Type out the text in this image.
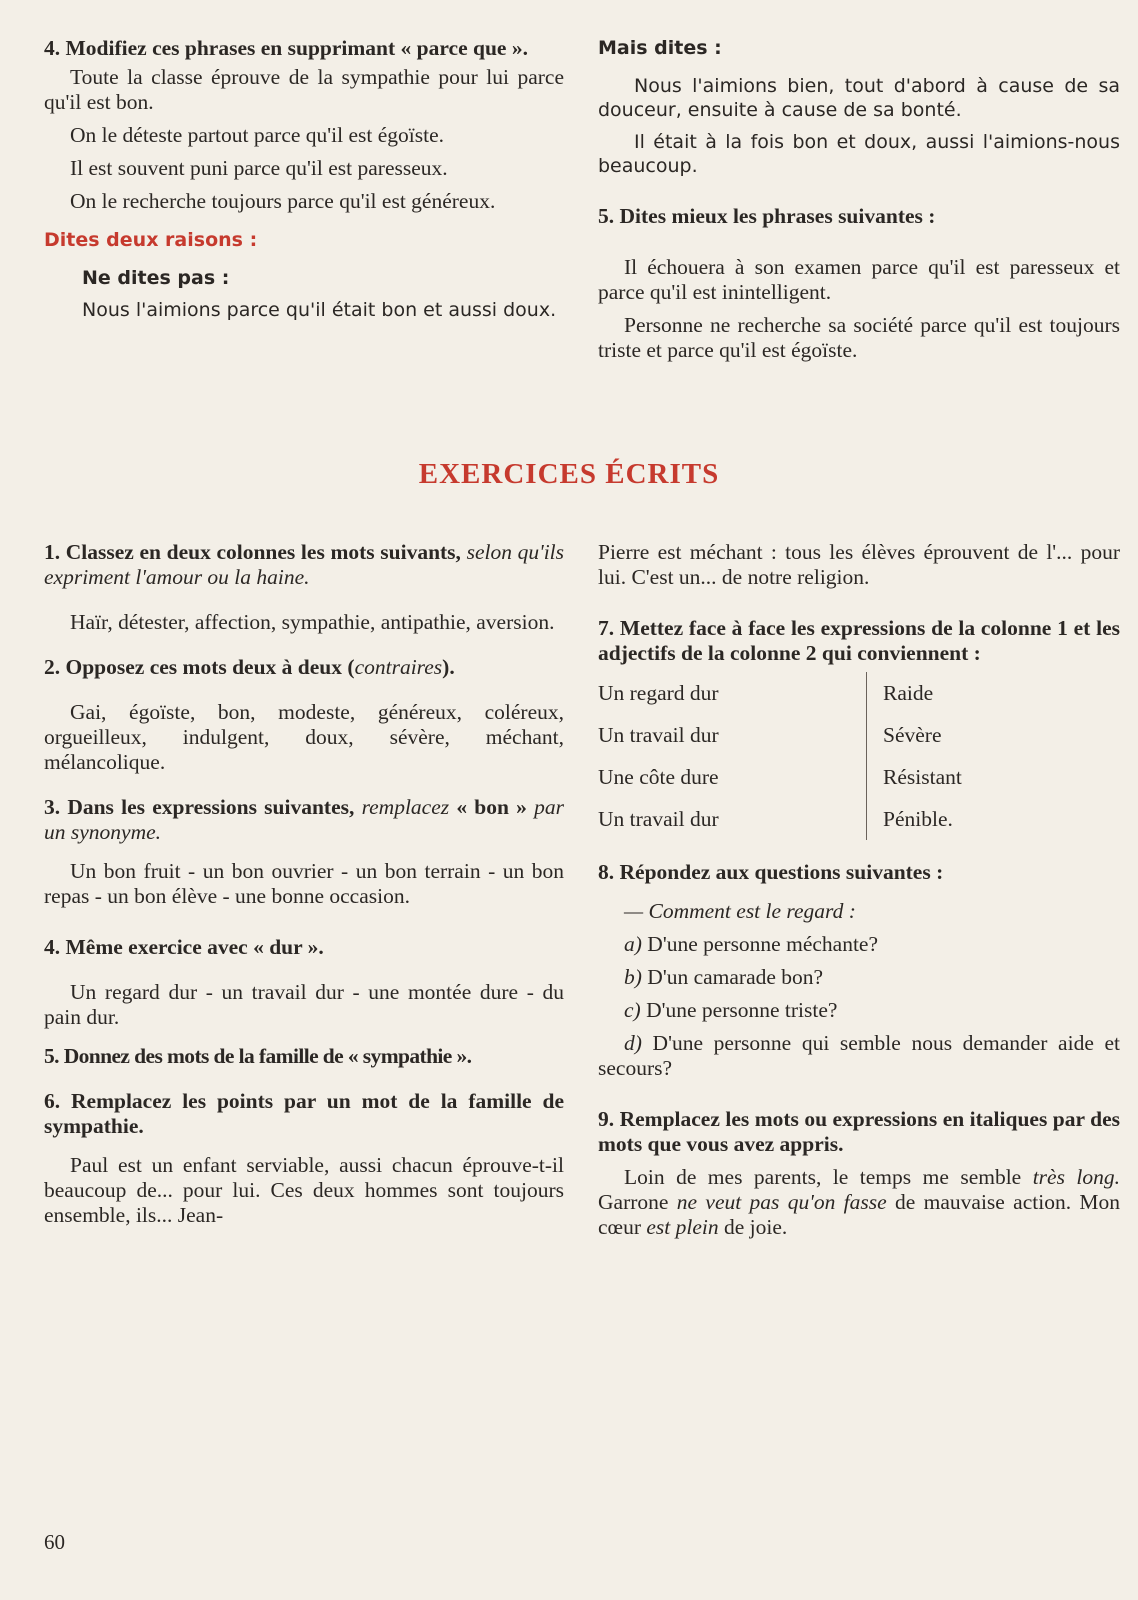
4. Modifiez ces phrases en supprimant « parce que ».

Toute la classe éprouve de la sympathie pour lui parce qu'il est bon.

On le déteste partout parce qu'il est égoïste.

Il est souvent puni parce qu'il est paresseux.

On le recherche toujours parce qu'il est généreux.

Dites deux raisons :

Ne dites pas :

Nous l'aimions parce qu'il était bon et aussi doux.

Mais dites :

Nous l'aimions bien, tout d'abord à cause de sa douceur, ensuite à cause de sa bonté.

Il était à la fois bon et doux, aussi l'aimions-nous beaucoup.

5. Dites mieux les phrases suivantes :

Il échouera à son examen parce qu'il est paresseux et parce qu'il est inintelligent.

Personne ne recherche sa société parce qu'il est toujours triste et parce qu'il est égoïste.

EXERCICES ÉCRITS

1. Classez en deux colonnes les mots suivants, selon qu'ils expriment l'amour ou la haine.

Haïr, détester, affection, sympathie, antipathie, aversion.

2. Opposez ces mots deux à deux (contraires).

Gai, égoïste, bon, modeste, généreux, coléreux, orgueilleux, indulgent, doux, sévère, méchant, mélancolique.

3. Dans les expressions suivantes, remplacez « bon » par un synonyme.

Un bon fruit - un bon ouvrier - un bon terrain - un bon repas - un bon élève - une bonne occasion.

4. Même exercice avec « dur ».

Un regard dur - un travail dur - une montée dure - du pain dur.

5. Donnez des mots de la famille de « sympathie ».

6. Remplacez les points par un mot de la famille de sympathie.

Paul est un enfant serviable, aussi chacun éprouve-t-il beaucoup de... pour lui. Ces deux hommes sont toujours ensemble, ils... Jean-

Pierre est méchant : tous les élèves éprouvent de l'... pour lui. C'est un... de notre religion.

7. Mettez face à face les expressions de la colonne 1 et les adjectifs de la colonne 2 qui conviennent :

Un regard dur	Raide
Un travail dur	Sévère
Une côte dure	Résistant
Un travail dur	Pénible.

8. Répondez aux questions suivantes :

— Comment est le regard :

a) D'une personne méchante?

b) D'un camarade bon?

c) D'une personne triste?

d) D'une personne qui semble nous demander aide et secours?

9. Remplacez les mots ou expressions en italiques par des mots que vous avez appris.

Loin de mes parents, le temps me semble très long. Garrone ne veut pas qu'on fasse de mauvaise action. Mon cœur est plein de joie.

60
